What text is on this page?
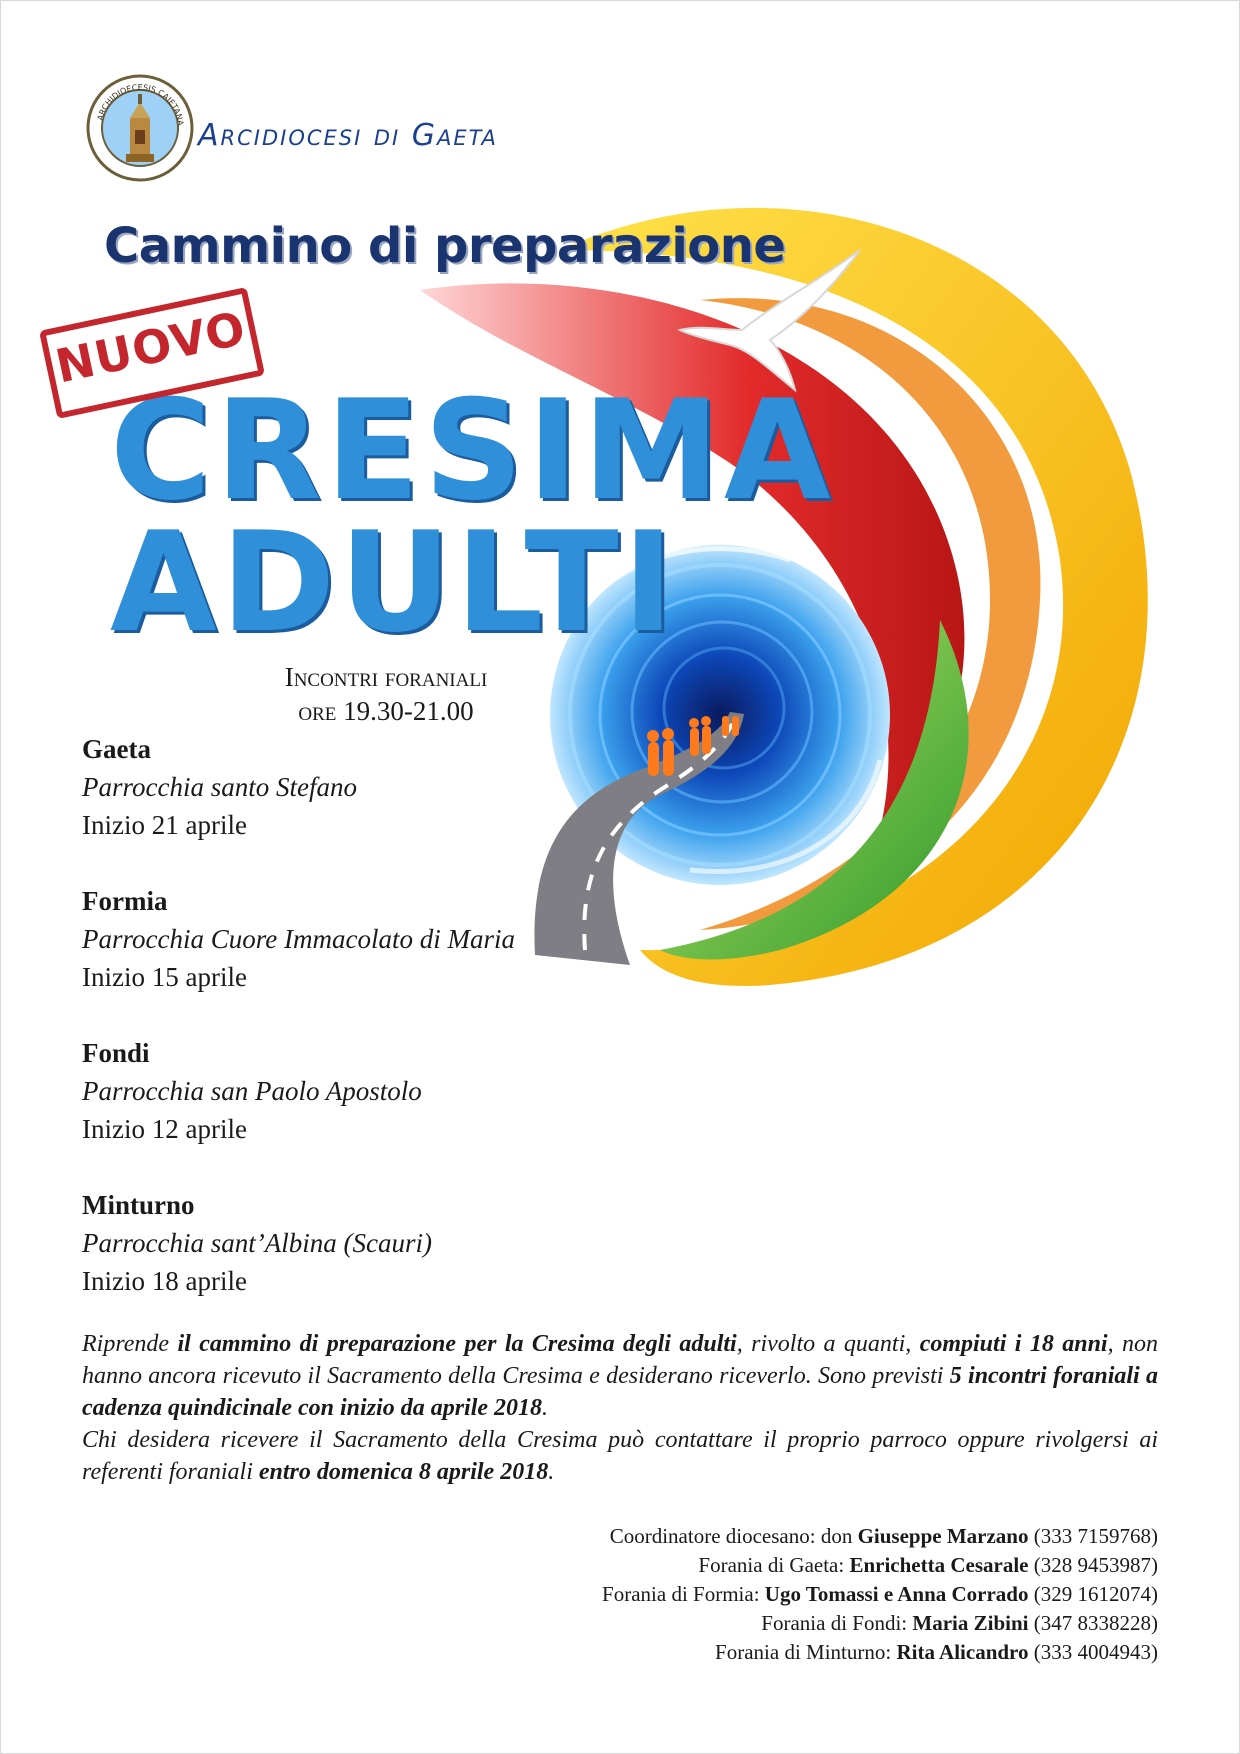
ARCHIDIOECESIS CAIETANA Arcidiocesi di Gaeta
Cammino di preparazione
CRESIMA
ADULTI
NUOVO
Incontri foraniali
ore 19.30-21.00
Gaeta
Parrocchia santo Stefano
Inizio 21 aprile
Formia
Parrocchia Cuore Immacolato di Maria
Inizio 15 aprile
Fondi
Parrocchia san Paolo Apostolo
Inizio 12 aprile
Minturno
Parrocchia sant’Albina (Scauri)
Inizio 18 aprile
Riprende il cammino di preparazione per la Cresima degli adulti, rivolto a quanti, compiuti i 18 anni, non hanno ancora ricevuto il Sacramento della Cresima e desiderano riceverlo. Sono previsti 5 incontri foraniali a cadenza quindicinale con inizio da aprile 2018.
Chi desidera ricevere il Sacramento della Cresima può contattare il proprio parroco oppure rivolgersi ai referenti foraniali entro domenica 8 aprile 2018.
Coordinatore diocesano: don Giuseppe Marzano (333 7159768)
Forania di Gaeta: Enrichetta Cesarale (328 9453987)
Forania di Formia: Ugo Tomassi e Anna Corrado (329 1612074)
Forania di Fondi: Maria Zibini (347 8338228)
Forania di Minturno: Rita Alicandro (333 4004943)
